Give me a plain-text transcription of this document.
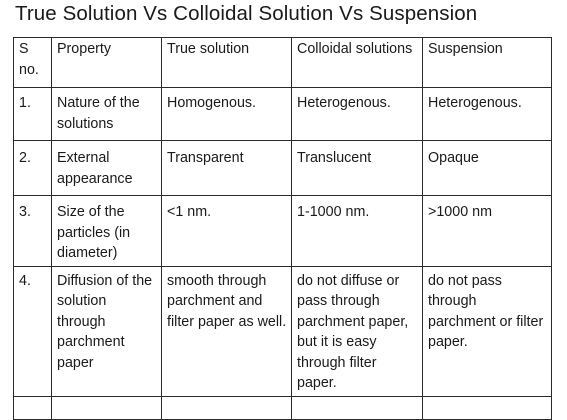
True Solution Vs Colloidal Solution Vs Suspension
S no.	Property	True solution	Colloidal solutions	Suspension
1.	Nature of the solutions	Homogenous.	Heterogenous.	Heterogenous.
2.	External appearance	Transparent	Translucent	Opaque
3.	Size of the particles (in diameter)	<1 nm.	1-1000 nm.	>1000 nm
4.	Diffusion of the solution through parchment paper	smooth through parchment and filter paper as well.	do not diffuse or pass through parchment paper, but it is easy through filter paper.	do not pass through parchment or filter paper.
